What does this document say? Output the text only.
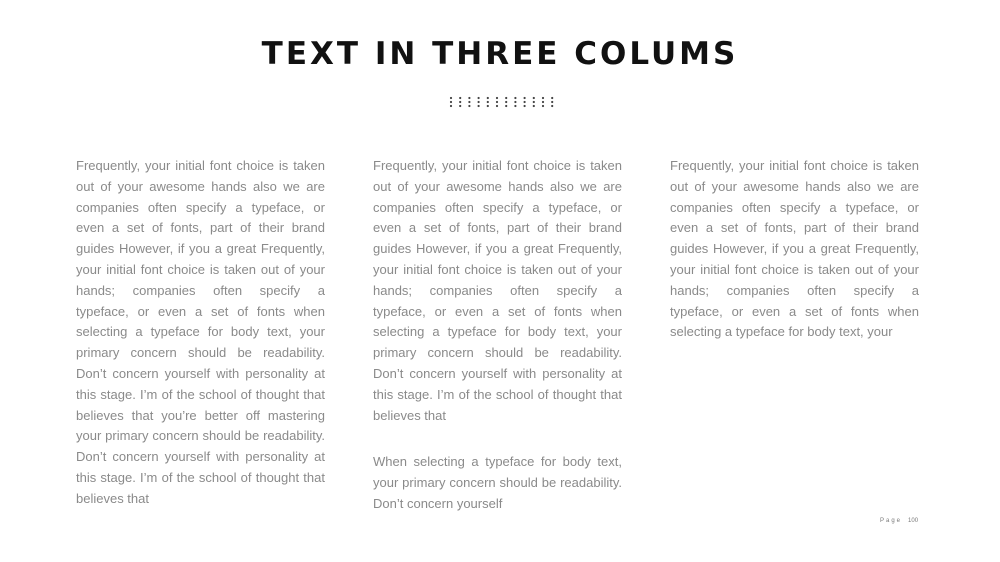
TEXT IN THREE COLUMS

Frequently, your initial font choice is taken out of your awesome hands also we are companies often specify a typeface, or even a set of fonts, part of their brand guides However, if you a great Frequently, your initial font choice is taken out of your hands; companies often specify a typeface, or even a set of fonts when selecting a typeface for body text, your primary concern should be readability. Don’t concern yourself with personality at this stage. I’m of the school of thought that believes that you’re better off mastering your primary concern should be readability. Don’t concern yourself with personality at this stage. I’m of the school of thought that believes that

Frequently, your initial font choice is taken out of your awesome hands also we are companies often specify a typeface, or even a set of fonts, part of their brand guides However, if you a great Frequently, your initial font choice is taken out of your hands; companies often specify a typeface, or even a set of fonts when selecting a typeface for body text, your primary concern should be readability. Don’t concern yourself with personality at this stage. I’m of the school of thought that believes that

When selecting a typeface for body text, your primary concern should be readability. Don’t concern yourself

Frequently, your initial font choice is taken out of your awesome hands also we are companies often specify a typeface, or even a set of fonts, part of their brand guides However, if you a great Frequently, your initial font choice is taken out of your hands; companies often specify a typeface, or even a set of fonts when selecting a typeface for body text, your

Page 100
